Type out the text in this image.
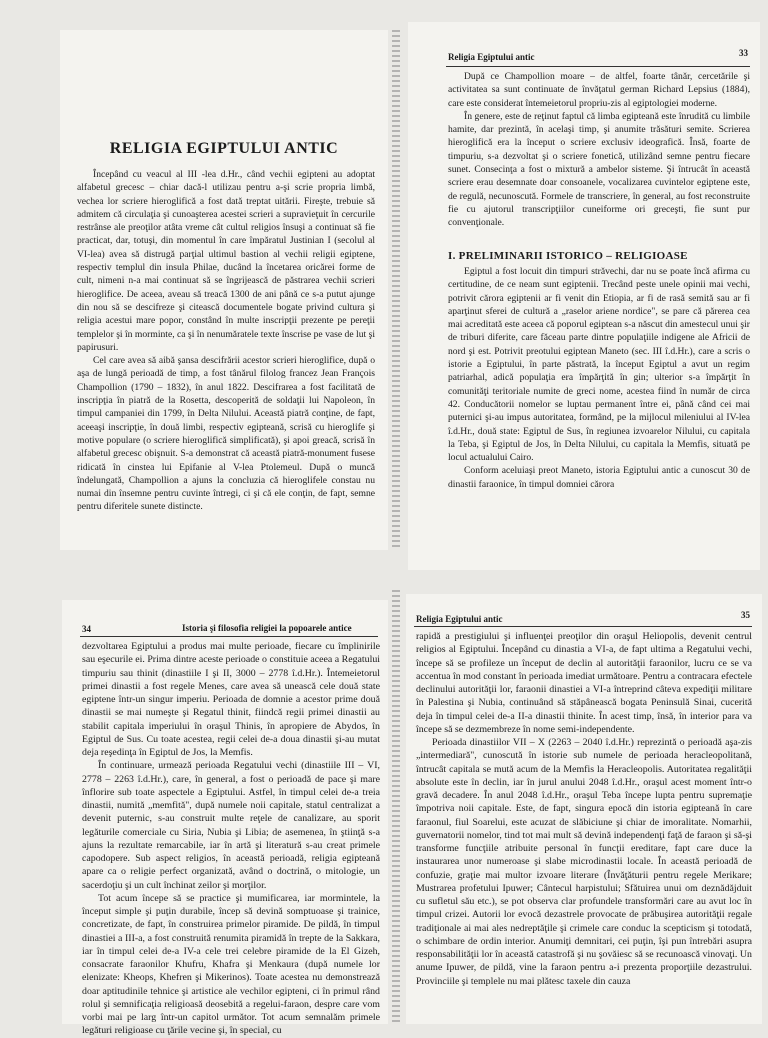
RELIGIA EGIPTULUI ANTIC

Începând cu veacul al III -lea d.Hr., când vechii egipteni au adoptat alfabetul grecesc – chiar dacă-l utilizau pentru a-şi scrie propria limbă, vechea lor scriere hieroglifică a fost dată treptat uitării. Fireşte, trebuie să admitem că circulaţia şi cunoaşterea acestei scrieri a supravieţuit în cercurile restrânse ale preoţilor atâta vreme cât cultul religios însuşi a continuat să fie practicat, dar, totuşi, din momentul în care împăratul Justinian I (secolul al VI-lea) avea să distrugă parţial ultimul bastion al vechii religii egiptene, respectiv templul din insula Philae, ducând la încetarea oricărei forme de cult, nimeni n-a mai continuat să se îngrijească de păstrarea vechii scrieri hieroglifice. De aceea, aveau să treacă 1300 de ani până ce s-a putut ajunge din nou să se descifreze şi citească documentele bogate privind cultura şi religia acestui mare popor, constând în multe inscripţii prezente pe pereţii templelor şi în morminte, ca şi în nenumăratele texte înscrise pe vase de lut şi papirusuri.

Cel care avea să aibă şansa descifrării acestor scrieri hieroglifice, după o aşa de lungă perioadă de timp, a fost tânărul filolog francez Jean François Champollion (1790 – 1832), în anul 1822. Descifrarea a fost facilitată de inscripţia în piatră de la Rosetta, descoperită de soldaţii lui Napoleon, în timpul campaniei din 1799, în Delta Nilului. Această piatră conţine, de fapt, aceeaşi inscripţie, în două limbi, respectiv egipteană, scrisă cu hieroglife şi motive populare (o scriere hieroglifică simplificată), şi apoi greacă, scrisă în alfabetul grecesc obişnuit. S-a demonstrat că această piatră-monument fusese ridicată în cinstea lui Epifanie al V-lea Ptolemeul. După o muncă îndelungată, Champollion a ajuns la concluzia că hieroglifele constau nu numai din însemne pentru cuvinte întregi, ci şi că ele conţin, de fapt, semne pentru diferitele sunete distincte.

Religia Egiptului antic	33

După ce Champollion moare – de altfel, foarte tânăr, cercetările şi activitatea sa sunt continuate de învăţatul german Richard Lepsius (1884), care este considerat întemeietorul propriu-zis al egiptologiei moderne.

În genere, este de reţinut faptul că limba egipteană este înrudită cu limbile hamite, dar prezintă, în acelaşi timp, şi anumite trăsături semite. Scrierea hieroglifică era la început o scriere exclusiv ideografică. Însă, foarte de timpuriu, s-a dezvoltat şi o scriere fonetică, utilizând semne pentru fiecare sunet. Consecinţa a fost o mixtură a ambelor sisteme. Şi întrucât în această scriere erau desemnate doar consoanele, vocalizarea cuvintelor egiptene este, de regulă, necunoscută. Formele de transcriere, în general, au fost reconstruite fie cu ajutorul transcripţiilor cuneiforme ori greceşti, fie sunt pur convenţionale.

I. PRELIMINARII ISTORICO – RELIGIOASE

Egiptul a fost locuit din timpuri străvechi, dar nu se poate încă afirma cu certitudine, de ce neam sunt egiptenii. Trecând peste unele opinii mai vechi, potrivit cărora egiptenii ar fi venit din Etiopia, ar fi de rasă semită sau ar fi aparţinut sferei de cultură a „raselor ariene nordice", se pare că părerea cea mai acreditată este aceea că poporul egiptean s-a născut din amestecul unui şir de triburi diferite, care făceau parte dintre populaţiile indigene ale Africii de nord şi est. Potrivit preotului egiptean Maneto (sec. III î.d.Hr.), care a scris o istorie a Egiptului, în parte păstrată, la început Egiptul a avut un regim patriarhal, adică populaţia era împărţită în gin; ulterior s-a împărţit în comunităţi teritoriale numite de greci nome, acestea fiind în număr de circa 42. Conducătorii nomelor se luptau permanent între ei, până când cei mai puternici şi-au impus autoritatea, formând, pe la mijlocul mileniului al IV-lea î.d.Hr., două state: Egiptul de Sus, în regiunea izvoarelor Nilului, cu capitala la Teba, şi Egiptul de Jos, în Delta Nilului, cu capitala la Memfis, situată pe locul actualului Cairo.

Conform aceluiaşi preot Maneto, istoria Egiptului antic a cunoscut 30 de dinastii faraonice, în timpul domniei cărora

34	Istoria şi filosofia religiei la popoarele antice

dezvoltarea Egiptului a produs mai multe perioade, fiecare cu împlinirile sau eşecurile ei. Prima dintre aceste perioade o constituie aceea a Regatului timpuriu sau thinit (dinastiile I şi II, 3000 – 2778 î.d.Hr.). Întemeietorul primei dinastii a fost regele Menes, care avea să unească cele două state egiptene într-un singur imperiu. Perioada de domnie a acestor prime două dinastii se mai numeşte şi Regatul thinit, fiindcă regii primei dinastii au stabilit capitala imperiului în oraşul Thinis, în apropiere de Abydos, în Egiptul de Sus. Cu toate acestea, regii celei de-a doua dinastii şi-au mutat deja reşedinţa în Egiptul de Jos, la Memfis.

În continuare, urmează perioada Regatului vechi (dinastiile III – VI, 2778 – 2263 î.d.Hr.), care, în general, a fost o perioadă de pace şi mare înflorire sub toate aspectele a Egiptului. Astfel, în timpul celei de-a treia dinastii, numită „memfită", după numele noii capitale, statul centralizat a devenit puternic, s-au construit multe reţele de canalizare, au sporit legăturile comerciale cu Siria, Nubia şi Libia; de asemenea, în ştiinţă s-a ajuns la rezultate remarcabile, iar în artă şi literatură s-au creat primele capodopere. Sub aspect religios, în această perioadă, religia egipteană apare ca o religie perfect organizată, având o doctrină, o mitologie, un sacerdoţiu şi un cult închinat zeilor şi morţilor.

Tot acum începe să se practice şi mumificarea, iar mormintele, la început simple şi puţin durabile, încep să devină somptuoase şi trainice, concretizate, de fapt, în construirea primelor piramide. De pildă, în timpul dinastiei a III-a, a fost construită renumita piramidă în trepte de la Sakkara, iar în timpul celei de-a IV-a cele trei celebre piramide de la El Gizeh, consacrate faraonilor Khufru, Khafra şi Menkaura (după numele lor elenizate: Kheops, Khefren şi Mikerinos). Toate acestea nu demonstrează doar aptitudinile tehnice şi artistice ale vechilor egipteni, ci în primul rând rolul şi semnificaţia religioasă deosebită a regelui-faraon, despre care vom vorbi mai pe larg într-un capitol următor. Tot acum semnalăm primele legături religioase cu ţările vecine şi, în special, cu

Religia Egiptului antic	35

rapidă a prestigiului şi influenţei preoţilor din oraşul Heliopolis, devenit centrul religios al Egiptului. Începând cu dinastia a VI-a, de fapt ultima a Regatului vechi, începe să se profileze un început de declin al autorităţii faraonilor, lucru ce se va accentua în mod constant în perioada imediat următoare. Pentru a contracara efectele declinului autorităţii lor, faraonii dinastiei a VI-a întreprind câteva expediţii militare în Palestina şi Nubia, continuând să stăpânească bogata Peninsulă Sinai, cucerită deja în timpul celei de-a II-a dinastii thinite. În acest timp, însă, în interior para va începe să se dezmembreze în nome semi-independente.

Perioada dinastiilor VII – X (2263 – 2040 î.d.Hr.) reprezintă o perioadă aşa-zis „intermediară", cunoscută în istorie sub numele de perioada heracleopolitană, întrucât capitala se mută acum de la Memfis la Heracleopolis. Autoritatea regalităţii absolute este în declin, iar în jurul anului 2048 î.d.Hr., oraşul acest moment într-o gravă decadere. În anul 2048 î.d.Hr., oraşul Teba începe lupta pentru supremaţie împotriva noii capitale. Este, de fapt, singura epocă din istoria egipteană în care faraonul, fiul Soarelui, este acuzat de slăbiciune şi chiar de imoralitate. Nomarhii, guvernatorii nomelor, tind tot mai mult să devină independenţi faţă de faraon şi să-şi transforme funcţiile atribuite personal în funcţii ereditare, fapt care duce la instaurarea unor numeroase şi slabe microdinastii locale. În această perioadă de confuzie, graţie mai multor izvoare literare (Învăţăturii pentru regele Merikare; Mustrarea profetului Ipuwer; Cântecul harpistului; Sfătuirea unui om deznădăjduit cu sufletul său etc.), se pot observa clar profundele transformări care au avut loc în timpul crizei. Autorii lor evocă dezastrele provocate de prăbuşirea autorităţii regale tradiţionale ai mai ales nedreptăţile şi crimele care conduc la scepticism şi totodată, o schimbare de ordin interior. Anumiţi demnitari, cei puţin, îşi pun întrebări asupra responsabilităţii lor în această catastrofă şi nu şovăiesc să se recunoască vinovaţi. Un anume Ipuwer, de pildă, vine la faraon pentru a-i prezenta proporţiile dezastrului. Provinciile şi templele nu mai plătesc taxele din cauza
